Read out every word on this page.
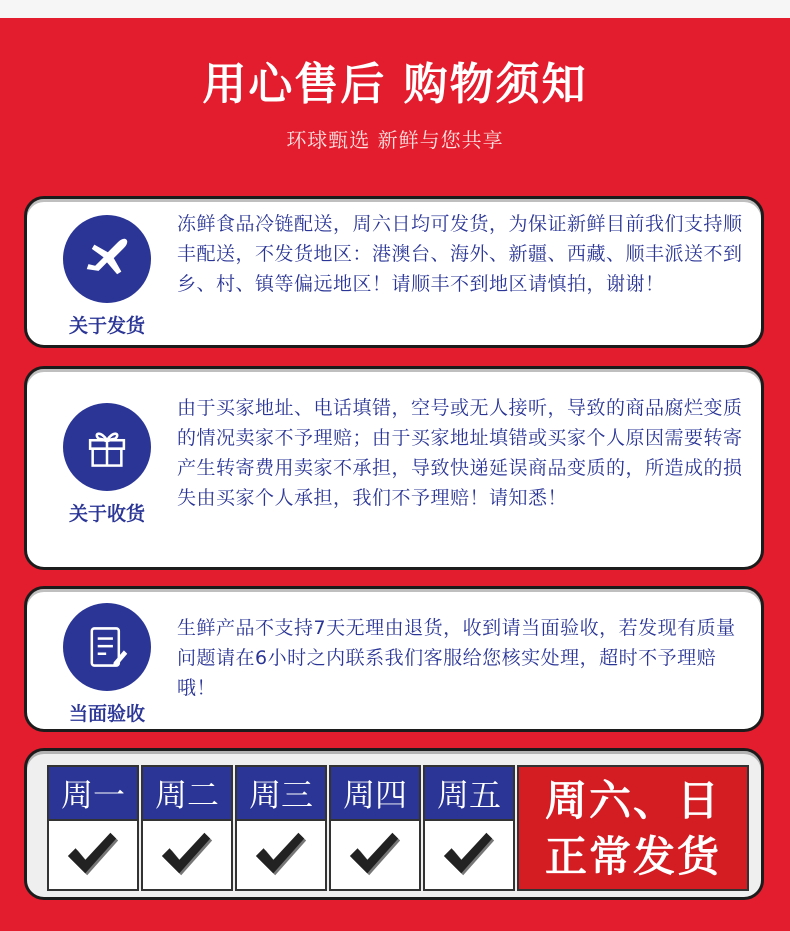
用心售后 购物须知
环球甄选 新鲜与您共享
关于发货
冻鲜食品冷链配送，周六日均可发货，为保证新鲜目前我们支持顺丰配送，不发货地区：港澳台、海外、新疆、西藏、顺丰派送不到乡、村、镇等偏远地区！请顺丰不到地区请慎拍，谢谢！
关于收货
由于买家地址、电话填错，空号或无人接听，导致的商品腐烂变质的情况卖家不予理赔；由于买家地址填错或买家个人原因需要转寄产生转寄费用卖家不承担，导致快递延误商品变质的，所造成的损失由买家个人承担，我们不予理赔！请知悉！
当面验收
生鲜产品不支持7天无理由退货，收到请当面验收，若发现有质量问题请在6小时之内联系我们客服给您核实处理，超时不予理赔哦！
周一 周二 周三 周四 周五	周六、日
正常发货
